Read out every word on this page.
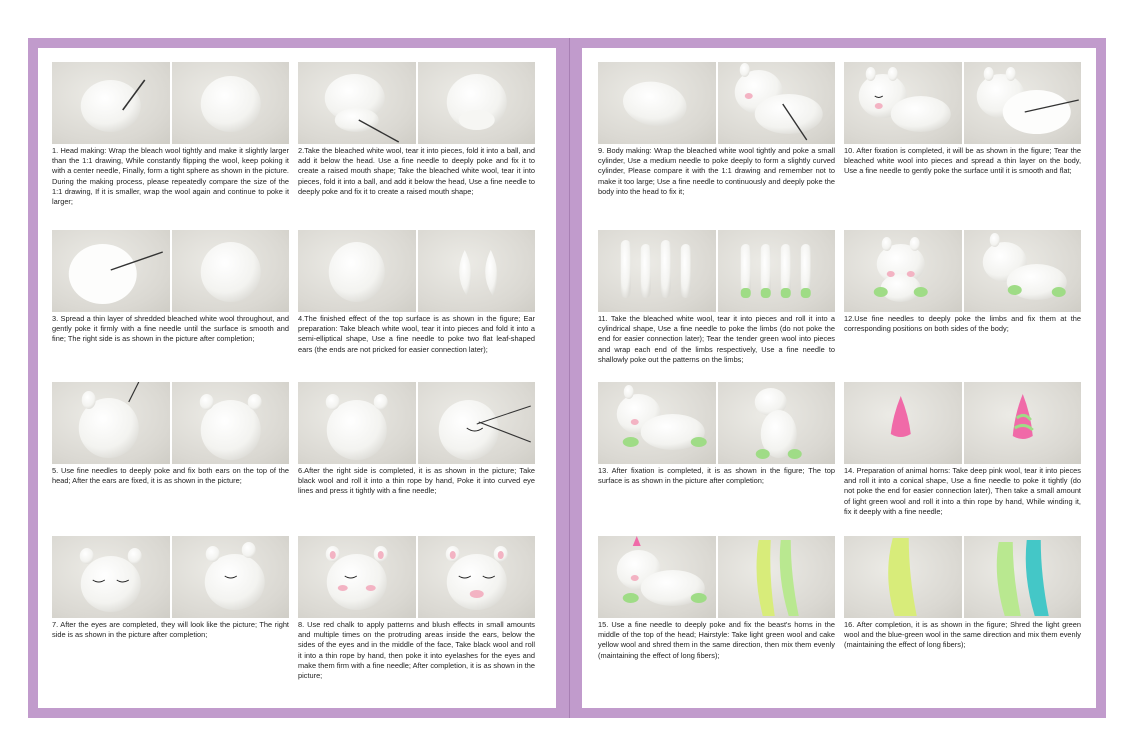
1. Head making: Wrap the bleach wool tightly and make it slightly larger than the 1:1 drawing, While constantly flipping the wool, keep poking it with a center needle, Finally, form a tight sphere as shown in the picture. During the making process, please repeatedly compare the size of the 1:1 drawing, If it is smaller, wrap the wool again and continue to poke it larger;
2.Take the bleached white wool, tear it into pieces, fold it into a ball, and add it below the head. Use a fine needle to deeply poke and fix it to create a raised mouth shape; Take the bleached white wool, tear it into pieces, fold it into a ball, and add it below the head, Use a fine needle to deeply poke and fix it to create a raised mouth shape;
3. Spread a thin layer of shredded bleached white wool throughout, and gently poke it firmly with a fine needle until the surface is smooth and fine; The right side is as shown in the picture after completion;
4.The finished effect of the top surface is as shown in the figure; Ear preparation: Take bleach white wool, tear it into pieces and fold it into a semi-elliptical shape, Use a fine needle to poke two flat leaf-shaped ears (the ends are not pricked for easier connection later);
5. Use fine needles to deeply poke and fix both ears on the top of the head; After the ears are fixed, it is as shown in the picture;
6.After the right side is completed, it is as shown in the picture; Take black wool and roll it into a thin rope by hand, Poke it into curved eye lines and press it tightly with a fine needle;
7. After the eyes are completed, they will look like the picture; The right side is as shown in the picture after completion;
8. Use red chalk to apply patterns and blush effects in small amounts and multiple times on the protruding areas inside the ears, below the sides of the eyes and in the middle of the face, Take black wool and roll it into a thin rope by hand, then poke it into eyelashes for the eyes and make them firm with a fine needle; After completion, it is as shown in the picture;
11
9. Body making: Wrap the bleached white wool tightly and poke a small cylinder, Use a medium needle to poke deeply to form a slightly curved cylinder, Please compare it with the 1:1 drawing and remember not to make it too large; Use a fine needle to continuously and deeply poke the body into the head to fix it;
10. After fixation is completed, it will be as shown in the figure; Tear the bleached white wool into pieces and spread a thin layer on the body, Use a fine needle to gently poke the surface until it is smooth and flat;
11. Take the bleached white wool, tear it into pieces and roll it into a cylindrical shape, Use a fine needle to poke the limbs (do not poke the end for easier connection later); Tear the tender green wool into pieces and wrap each end of the limbs respectively, Use a fine needle to shallowly poke out the patterns on the limbs;
12.Use fine needles to deeply poke the limbs and fix them at the corresponding positions on both sides of the body;
13. After fixation is completed, it is as shown in the figure; The top surface is as shown in the picture after completion;
14. Preparation of animal horns: Take deep pink wool, tear it into pieces and roll it into a conical shape, Use a fine needle to poke it tightly (do not poke the end for easier connection later), Then take a small amount of light green wool and roll it into a thin rope by hand, While winding it, fix it deeply with a fine needle;
15. Use a fine needle to deeply poke and fix the beast's horns in the middle of the top of the head; Hairstyle: Take light green wool and cake yellow wool and shred them in the same direction, then mix them evenly (maintaining the effect of long fibers);
16. After completion, it is as shown in the figure; Shred the light green wool and the blue-green wool in the same direction and mix them evenly (maintaining the effect of long fibers);
12
